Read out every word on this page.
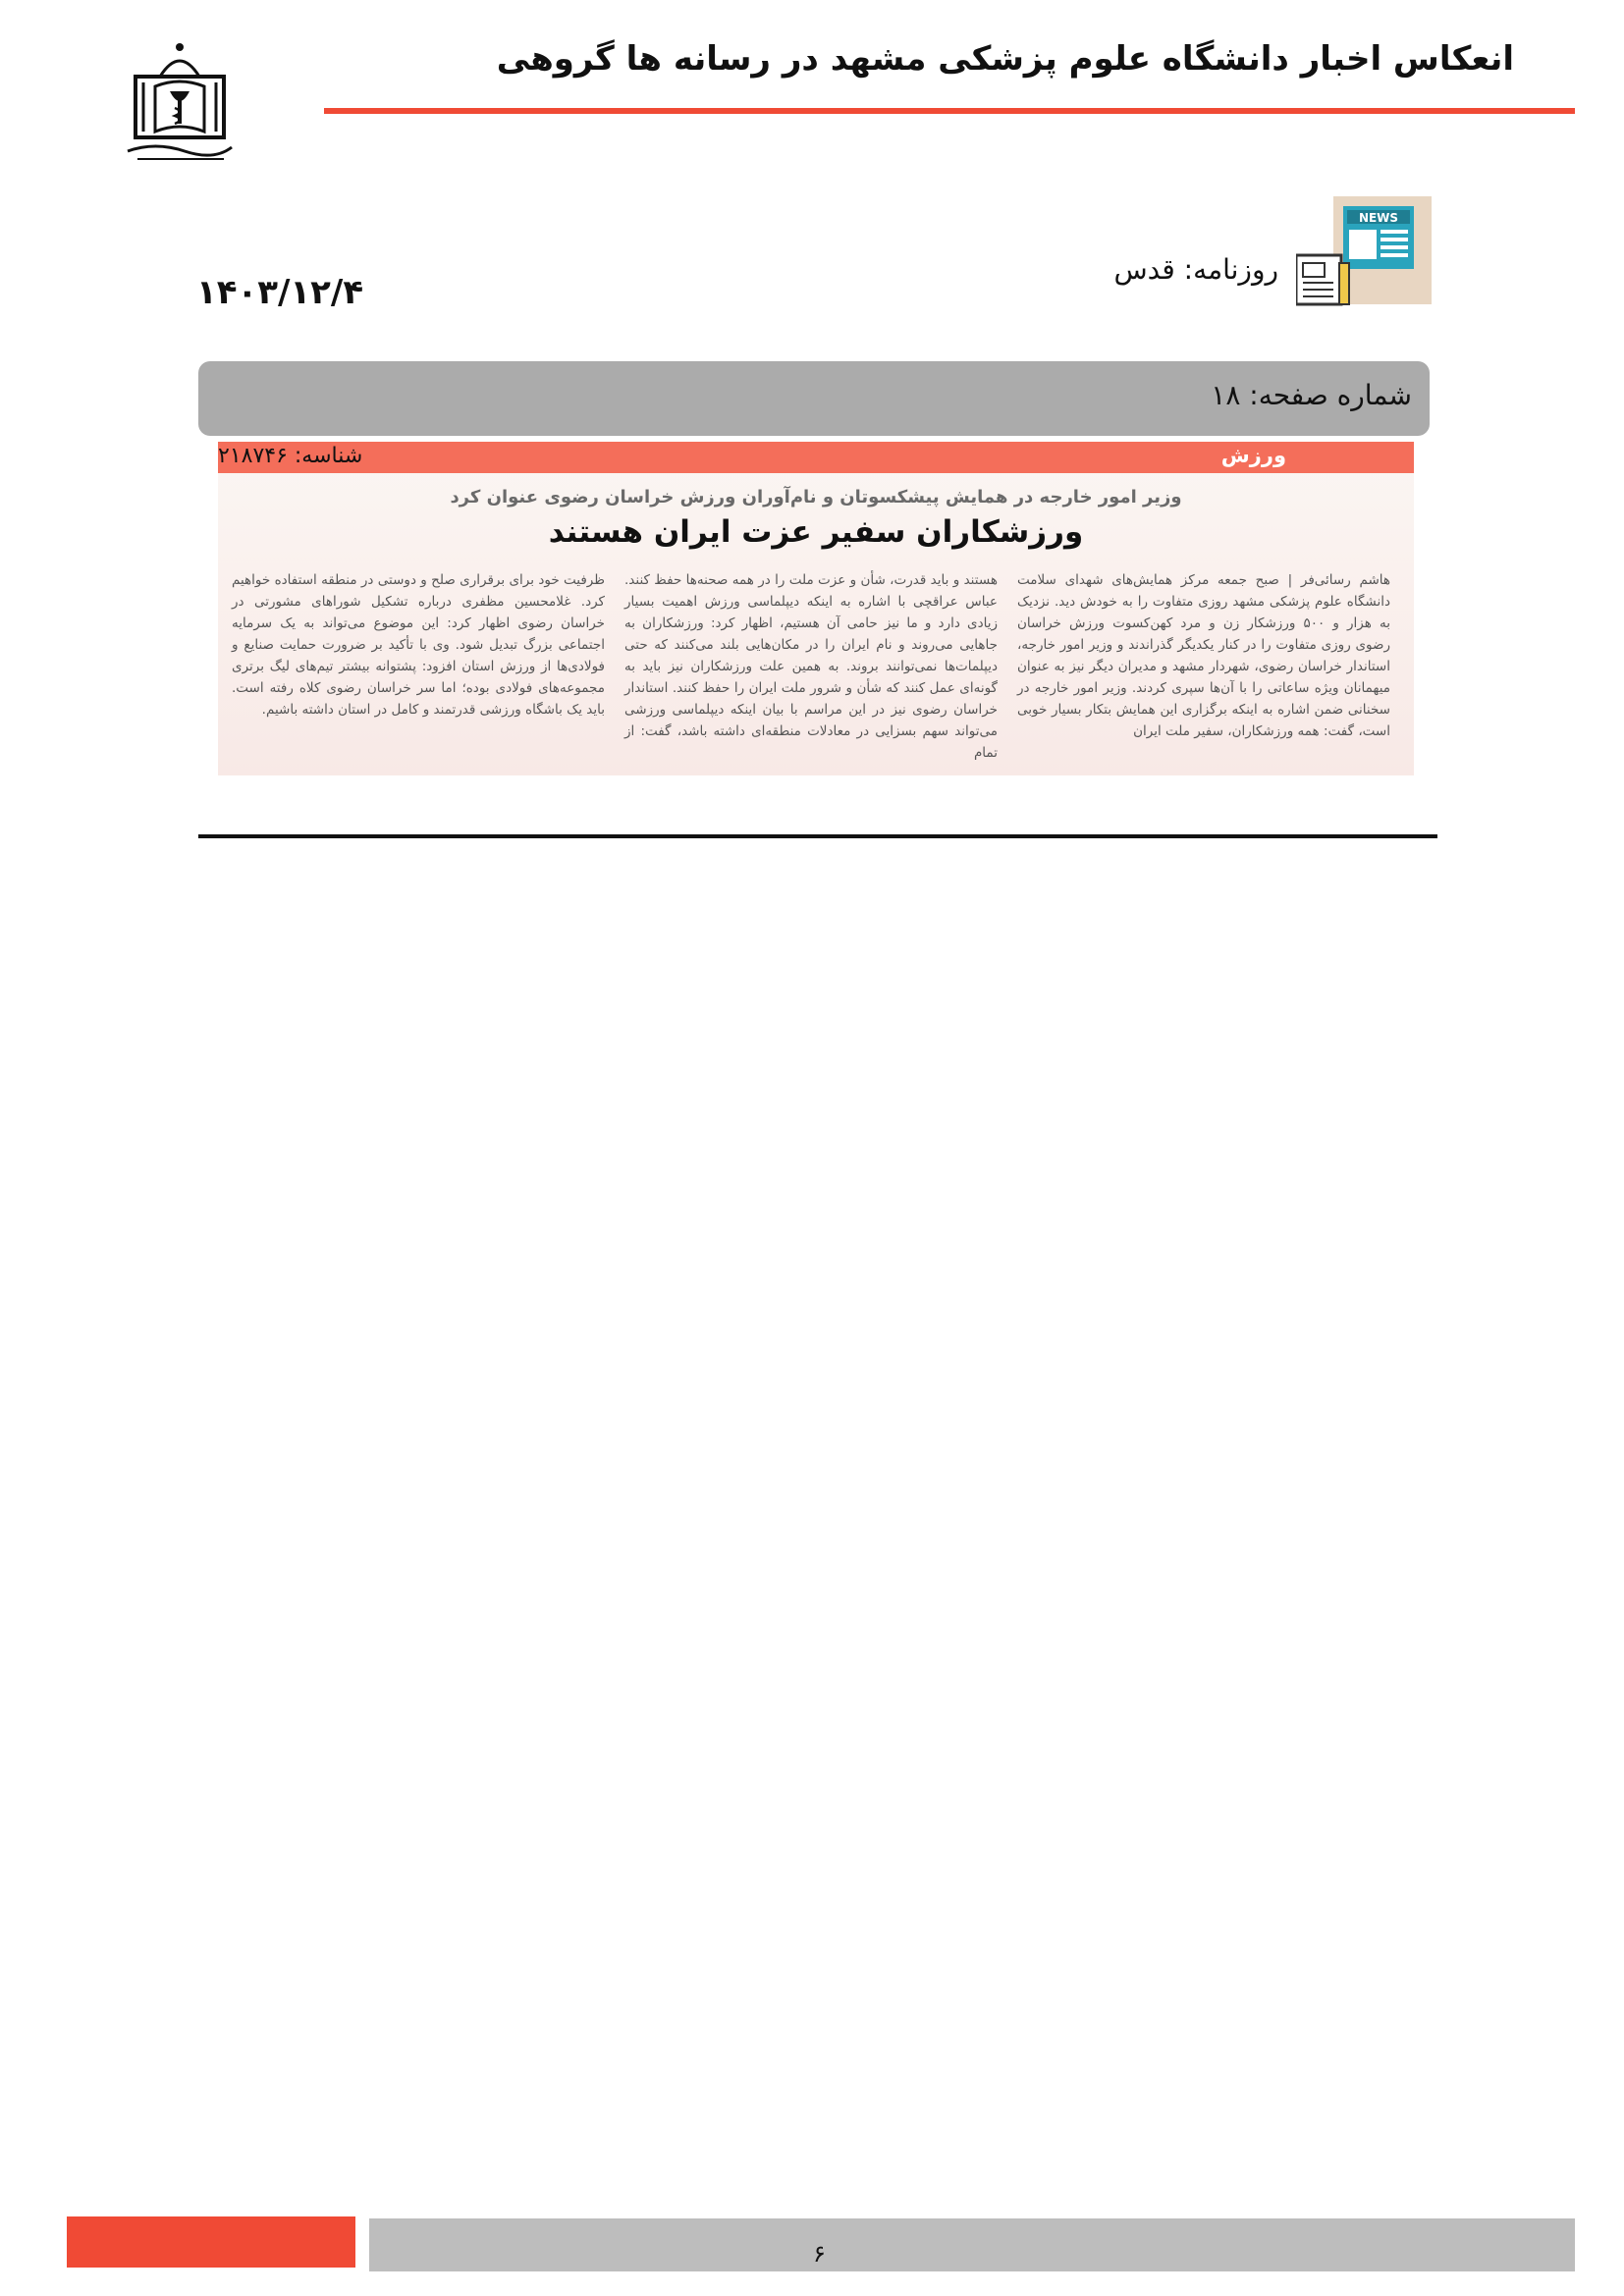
انعکاس اخبار دانشگاه علوم پزشکی مشهد در رسانه ها گروهی
NEWS
روزنامه: قدس
۱۴۰۳/۱۲/۴
شماره صفحه: ۱۸
ورزش
شناسه: ۲۱۸۷۴۶
وزیر امور خارجه در همایش پیشکسوتان و نام‌آوران ورزش خراسان رضوی عنوان کرد
ورزشکاران سفیر عزت ایران هستند

هاشم رسائی‌فر | صبح جمعه مرکز همایش‌های شهدای سلامت دانشگاه علوم پزشکی مشهد روزی متفاوت را به خودش دید. نزدیک به هزار و ۵۰۰ ورزشکار زن و مرد کهن‌کسوت ورزش خراسان رضوی روزی متفاوت را در کنار یکدیگر گذراندند و وزیر امور خارجه، استاندار خراسان رضوی، شهردار مشهد و مدیران دیگر نیز به عنوان میهمانان ویژه ساعاتی را با آن‌ها سپری کردند. وزیر امور خارجه در سخنانی ضمن اشاره به اینکه برگزاری این همایش بتکار بسیار خوبی است، گفت: همه ورزشکاران، سفیر ملت ایران

هستند و باید قدرت، شأن و عزت ملت را در همه صحنه‌ها حفظ کنند. عباس عراقچی با اشاره به اینکه دیپلماسی ورزش اهمیت بسیار زیادی دارد و ما نیز حامی آن هستیم، اظهار کرد: ورزشکاران به جاهایی می‌روند و نام ایران را در مکان‌هایی بلند می‌کنند که حتی دیپلمات‌ها نمی‌توانند بروند. به همین علت ورزشکاران نیز باید به گونه‌ای عمل کنند که شأن و شرور ملت ایران را حفظ کنند. استاندار خراسان رضوی نیز در این مراسم با بیان اینکه دیپلماسی ورزشی می‌تواند سهم بسزایی در معادلات منطقه‌ای داشته باشد، گفت: از تمام

ظرفیت خود برای برقراری صلح و دوستی در منطقه استفاده خواهیم کرد. غلامحسین مظفری درباره تشکیل شوراهای مشورتی در خراسان رضوی اظهار کرد: این موضوع می‌تواند به یک سرمایه اجتماعی بزرگ تبدیل شود. وی با تأکید بر ضرورت حمایت صنایع و فولادی‌ها از ورزش استان افزود: پشتوانه بیشتر تیم‌های لیگ برتری مجموعه‌های فولادی بوده؛ اما سر خراسان رضوی کلاه رفته است. باید یک باشگاه ورزشی قدرتمند و کامل در استان داشته باشیم.

۶
